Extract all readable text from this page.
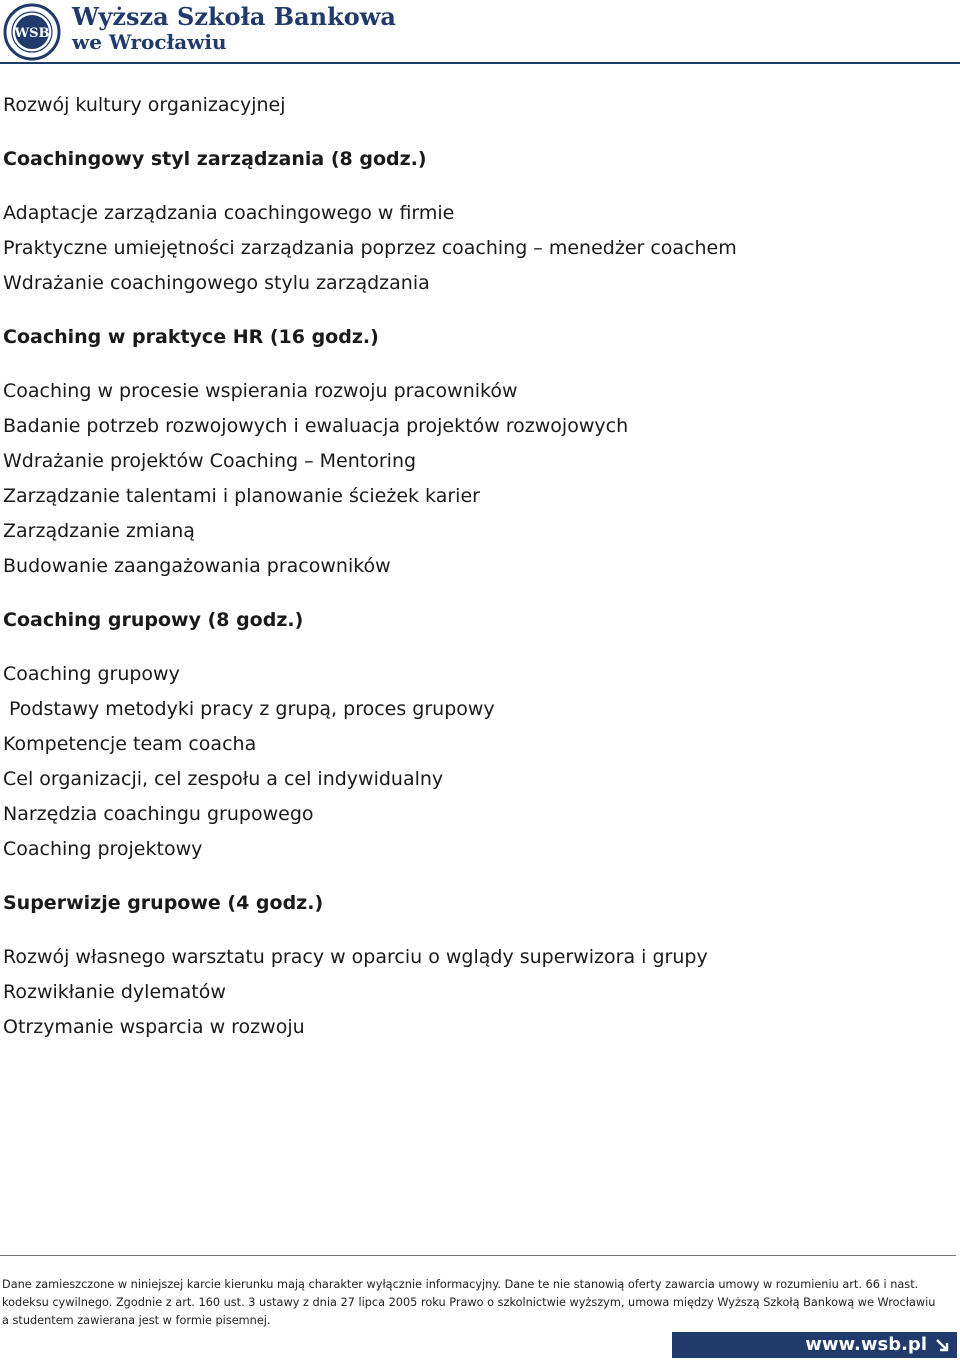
WSB
Wyższa Szkoła Bankowa
we Wrocławiu
Rozwój kultury organizacyjnej
Coachingowy styl zarządzania (8 godz.)
Adaptacje zarządzania coachingowego w firmie
Praktyczne umiejętności zarządzania poprzez coaching – menedżer coachem
Wdrażanie coachingowego stylu zarządzania
Coaching w praktyce HR (16 godz.)
Coaching w procesie wspierania rozwoju pracowników
Badanie potrzeb rozwojowych i ewaluacja projektów rozwojowych
Wdrażanie projektów Coaching – Mentoring
Zarządzanie talentami i planowanie ścieżek karier
Zarządzanie zmianą
Budowanie zaangażowania pracowników
Coaching grupowy (8 godz.)
Coaching grupowy
Podstawy metodyki pracy z grupą, proces grupowy
Kompetencje team coacha
Cel organizacji, cel zespołu a cel indywidualny
Narzędzia coachingu grupowego
Coaching projektowy
Superwizje grupowe (4 godz.)
Rozwój własnego warsztatu pracy w oparciu o wglądy superwizora i grupy
Rozwikłanie dylematów
Otrzymanie wsparcia w rozwoju
Dane zamieszczone w niniejszej karcie kierunku mają charakter wyłącznie informacyjny. Dane te nie stanowią oferty zawarcia umowy w rozumieniu art. 66 i nast.
kodeksu cywilnego. Zgodnie z art. 160 ust. 3 ustawy z dnia 27 lipca 2005 roku Prawo o szkolnictwie wyższym, umowa między Wyższą Szkołą Bankową we Wrocławiu
a studentem zawierana jest w formie pisemnej.
www.wsb.pl
